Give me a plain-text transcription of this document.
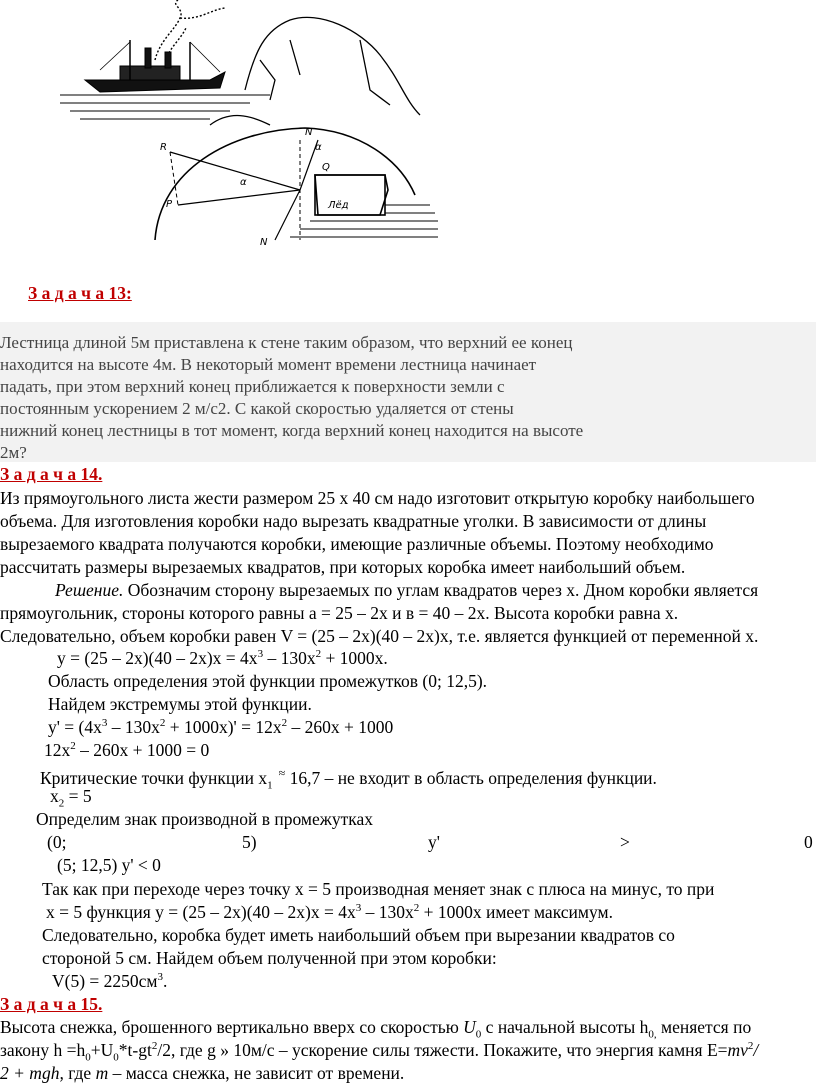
R
P
N
N
α
α
Q
Лёд
З а д а ч а 13:
Лестница длиной 5м приставлена к стене таким образом, что верхний ее конец
находится на высоте 4м. В некоторый момент времени лестница начинает
падать, при этом верхний конец приближается к поверхности земли с
постоянным ускорением 2 м/с2. С какой скоростью удаляется от стены
нижний конец лестницы в тот момент, когда верхний конец находится на высоте
2м?
З а д а ч а 14.
Из прямоугольного листа жести размером 25 х 40 см надо изготовит открытую коробку наибольшего
объема. Для изготовления коробки надо вырезать квадратные уголки. В зависимости от длины
вырезаемого квадрата получаются коробки, имеющие различные объемы. Поэтому необходимо
рассчитать размеры вырезаемых квадратов, при которых коробка имеет наибольший объем.
Решение. Обозначим сторону вырезаемых по углам квадратов через х. Дном коробки является
прямоугольник, стороны которого равны а = 25 – 2х и в = 40 – 2х. Высота коробки равна х.
Следовательно, объем коробки равен V = (25 – 2х)(40 – 2х)х, т.е. является функцией от переменной х.
$y = (25 - 2x)(40 - 2x)x = 4x^3 - 130x^2 + 1000x$.
Область определения этой функции промежутков (0; 12,5).
Найдем экстремумы этой функции.
$y' = (4x^3 - 130x^2 + 1000x)' = 12x^2 - 260x + 1000$
$12x^2 - 260x + 1000 = 0$
Критические точки функции $х_1^\approx$ 16,7 – не входит в область определения функции.
$х_2 = 5$
Определим знак производной в промежутках
(0;	5)	y'	>	0
(5; 12,5) y' < 0
Так как при переходе через точку х = 5 производная меняет знак с плюса на минус, то при
х = 5 функция $y = (25 - 2x)(40 - 2x)x = 4x^3 - 130x^2 + 1000x$ имеет максимум.
Следовательно, коробка будет иметь наибольший объем при вырезании квадратов со
стороной 5 см. Найдем объем полученной при этом коробки:
$V(5) = 2250см^3$.
З а д а ч а 15.
Высота снежка, брошенного вертикально вверх со скоростью $U_0$ с начальной высоты $h_{0,}$ меняется по
закону $h =h_0+U_0*t-gt^2/2$, где g » 10м/с – ускорение силы тяжести. Покажите, что энергия камня $E=mv^2/$
2 + mgh, где m – масса снежка, не зависит от времени.
